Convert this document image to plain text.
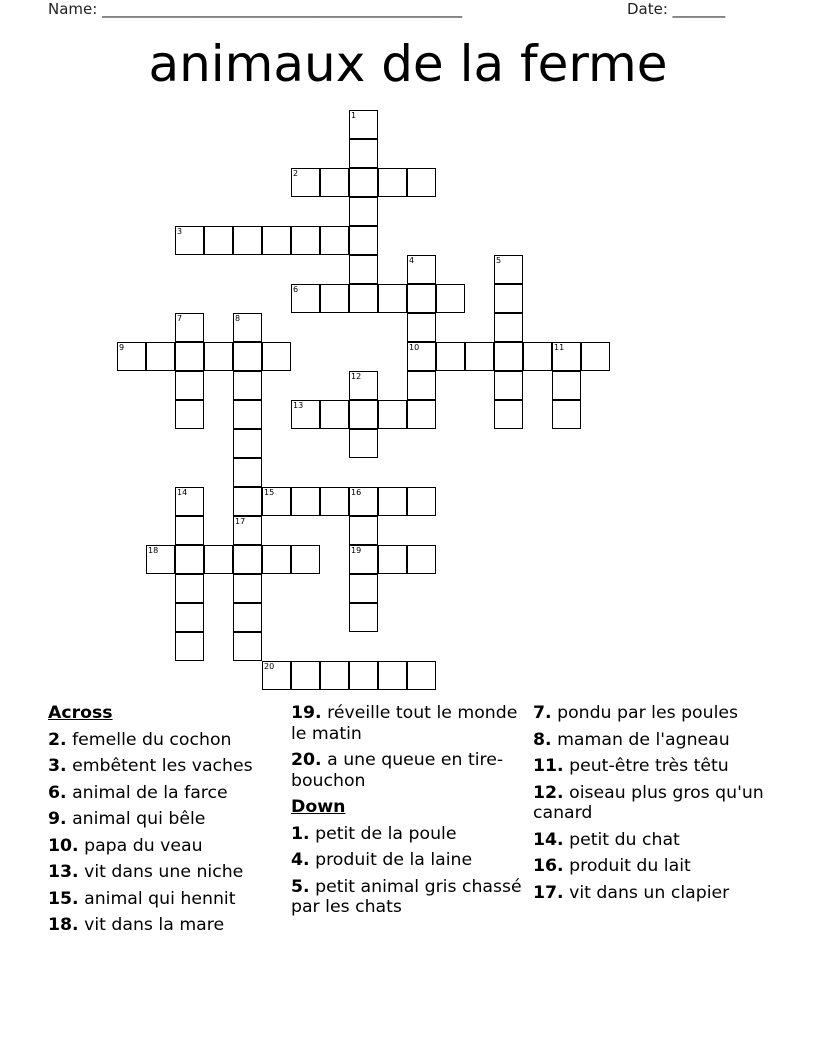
Name: ________________________________________________	Date: _______
animaux de la ferme
1
2
3
4
10
5
6
7	8
9	11
12
13
14	15	16
19
17
18
20
Across
2. femelle du cochon
3. embêtent les vaches
6. animal de la farce
9. animal qui bêle
10. papa du veau
13. vit dans une niche
15. animal qui hennit
18. vit dans la mare
19. réveille tout le monde le matin
20. a une queue en tire-bouchon
Down
1. petit de la poule
4. produit de la laine
5. petit animal gris chassé par les chats
7. pondu par les poules
8. maman de l'agneau
11. peut-être très têtu
12. oiseau plus gros qu'un canard
14. petit du chat
16. produit du lait
17. vit dans un clapier
